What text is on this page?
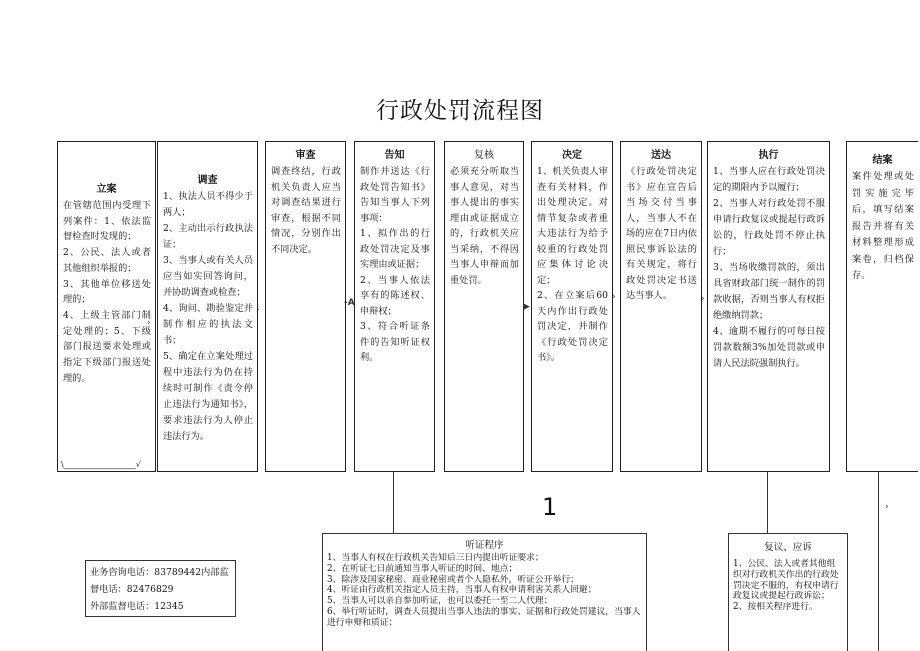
行政处罚流程图
立案

在管辖范围内受理下列案件：1、依法监督检查时发现的；

2、公民、法人或者其他组织举报的；

3、其他单位移送处理的；

4、上级主管部门制定处理的；5、下级部门报送要求处理或指定下级部门报送处理的。

\__________________√
调查

1、执法人员不得少于两人；

2、主动出示行政执法证；

3、当事人或有关人员应当如实回答询问，并协助调查或检查；

4、询问、勘验鉴定并制作相应的执法文书；

5、确定在立案处理过程中违法行为仍在持续时可制作《责令停止违法行为通知书》，要求违法行为人停止违法行为。

审查

调查终结，行政机关负责人应当对调查结果进行审查，根据不同情况，分别作出不同决定。

告知

制作并送达《行政处罚告知书》告知当事人下列事项：

1、拟作出的行政处罚决定及事实理由或证据；

2、当事人依法享有的陈述权、申辩权；

3、符合听证条件的告知听证权利。

复核

必须充分听取当事人意见，对当事人提出的事实理由或证据成立的，行政机关应当采纳，不得因当事人申辩而加重处罚。

决定

1、机关负责人审查有关材料，作出处理决定。对情节复杂或者重大违法行为给予较重的行政处罚应集体讨论决定；

2、在立案后60天内作出行政处罚决定，并制作《行政处罚决定书》。

送达

《行政处罚决定书》应在宣告后当场交付当事人，当事人不在场的应在7日内依照民事诉讼法的有关规定，将行政处罚决定书送达当事人。

执行

1、当事人应在行政处罚决定的期限内予以履行；

2、当事人对行政处罚不服申请行政复议或提起行政诉讼的，行政处罚不停止执行；

3、当场收缴罚款的，须出具省财政部门统一制作的罚款收据，否则当事人有权拒绝缴纳罚款；

4、逾期不履行的可每日按罚款数额3%加处罚款或申请人民法院强制执行。

结案

案件处理或处罚实施完毕后，填写结案报告并将有关材料整理形成案卷，归档保存。

›
-A
›	▶
›	›
›
1

业务咨询电话：83789442内部监督电话：82476829

外部监督电话：12345

听证程序

1、当事人有权在行政机关告知后三日内提出听证要求；

2、在听证七日前通知当事人听证的时间、地点；

3、除涉及国家秘密、商业秘密或者个人隐私外，听证公开举行；

4、听证由行政机关指定人员主持，当事人有权申请利害关系人回避；

5、当事人可以亲自参加听证，也可以委托一至二人代理；

6、举行听证时，调查人员提出当事人违法的事实、证据和行政处罚建议，当事人进行申辩和质证；

复议、应诉

1、公民、法人或者其他组织对行政机关作出的行政处罚决定不服的，有权申请行政复议或提起行政诉讼；

2、按相关程序进行。
